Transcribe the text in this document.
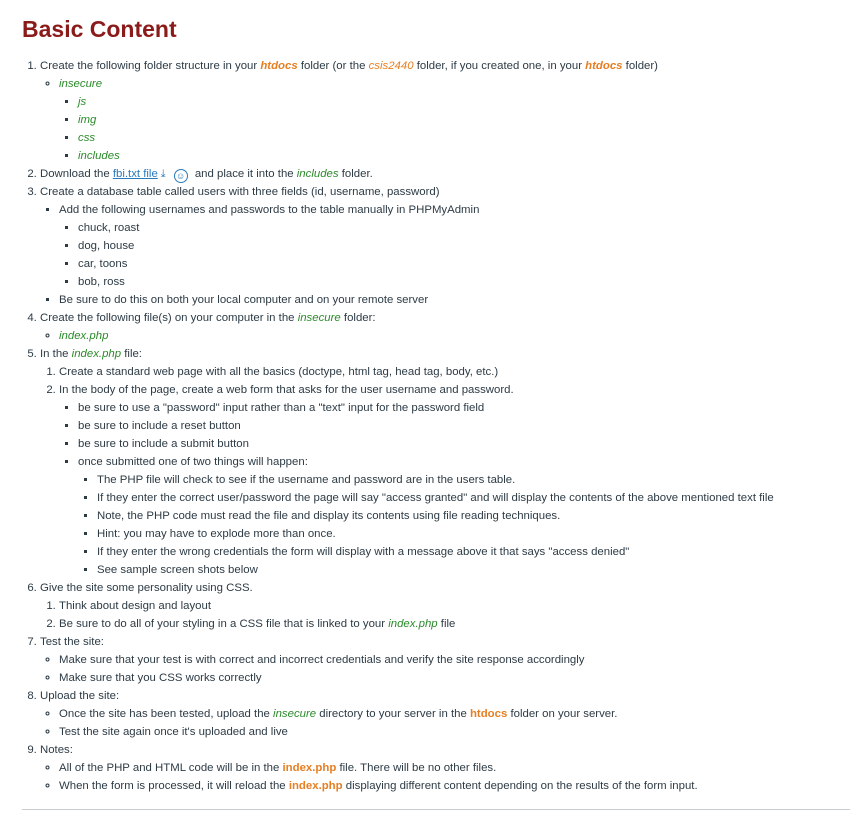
Basic Content
1. Create the following folder structure in your htdocs folder (or the csis2440 folder, if you created one, in your htdocs folder)
◦ insecure
▪ js
▪ img
▪ css
▪ includes
2. Download the fbi.txt file ⤓ ☺ and place it into the includes folder.
3. Create a database table called users with three fields (id, username, password)
▪ Add the following usernames and passwords to the table manually in PHPMyAdmin
▪ chuck, roast
▪ dog, house
▪ car, toons
▪ bob, ross
▪ Be sure to do this on both your local computer and on your remote server
4. Create the following file(s) on your computer in the insecure folder:
◦ index.php
5. In the index.php file:
1. Create a standard web page with all the basics (doctype, html tag, head tag, body, etc.)
2. In the body of the page, create a web form that asks for the user username and password.
▪ be sure to use a "password" input rather than a "text" input for the password field
▪ be sure to include a reset button
▪ be sure to include a submit button
▪ once submitted one of two things will happen:
▪ The PHP file will check to see if the username and password are in the users table.
▪ If they enter the correct user/password the page will say "access granted" and will display the contents of the above mentioned text file
▪ Note, the PHP code must read the file and display its contents using file reading techniques.
▪ Hint: you may have to explode more than once.
▪ If they enter the wrong credentials the form will display with a message above it that says "access denied"
▪ See sample screen shots below
6. Give the site some personality using CSS.
1. Think about design and layout
2. Be sure to do all of your styling in a CSS file that is linked to your index.php file
7. Test the site:
◦ Make sure that your test is with correct and incorrect credentials and verify the site response accordingly
◦ Make sure that you CSS works correctly
8. Upload the site:
◦ Once the site has been tested, upload the insecure directory to your server in the htdocs folder on your server.
◦ Test the site again once it's uploaded and live
9. Notes:
◦ All of the PHP and HTML code will be in the index.php file. There will be no other files.
◦ When the form is processed, it will reload the index.php displaying different content depending on the results of the form input.
